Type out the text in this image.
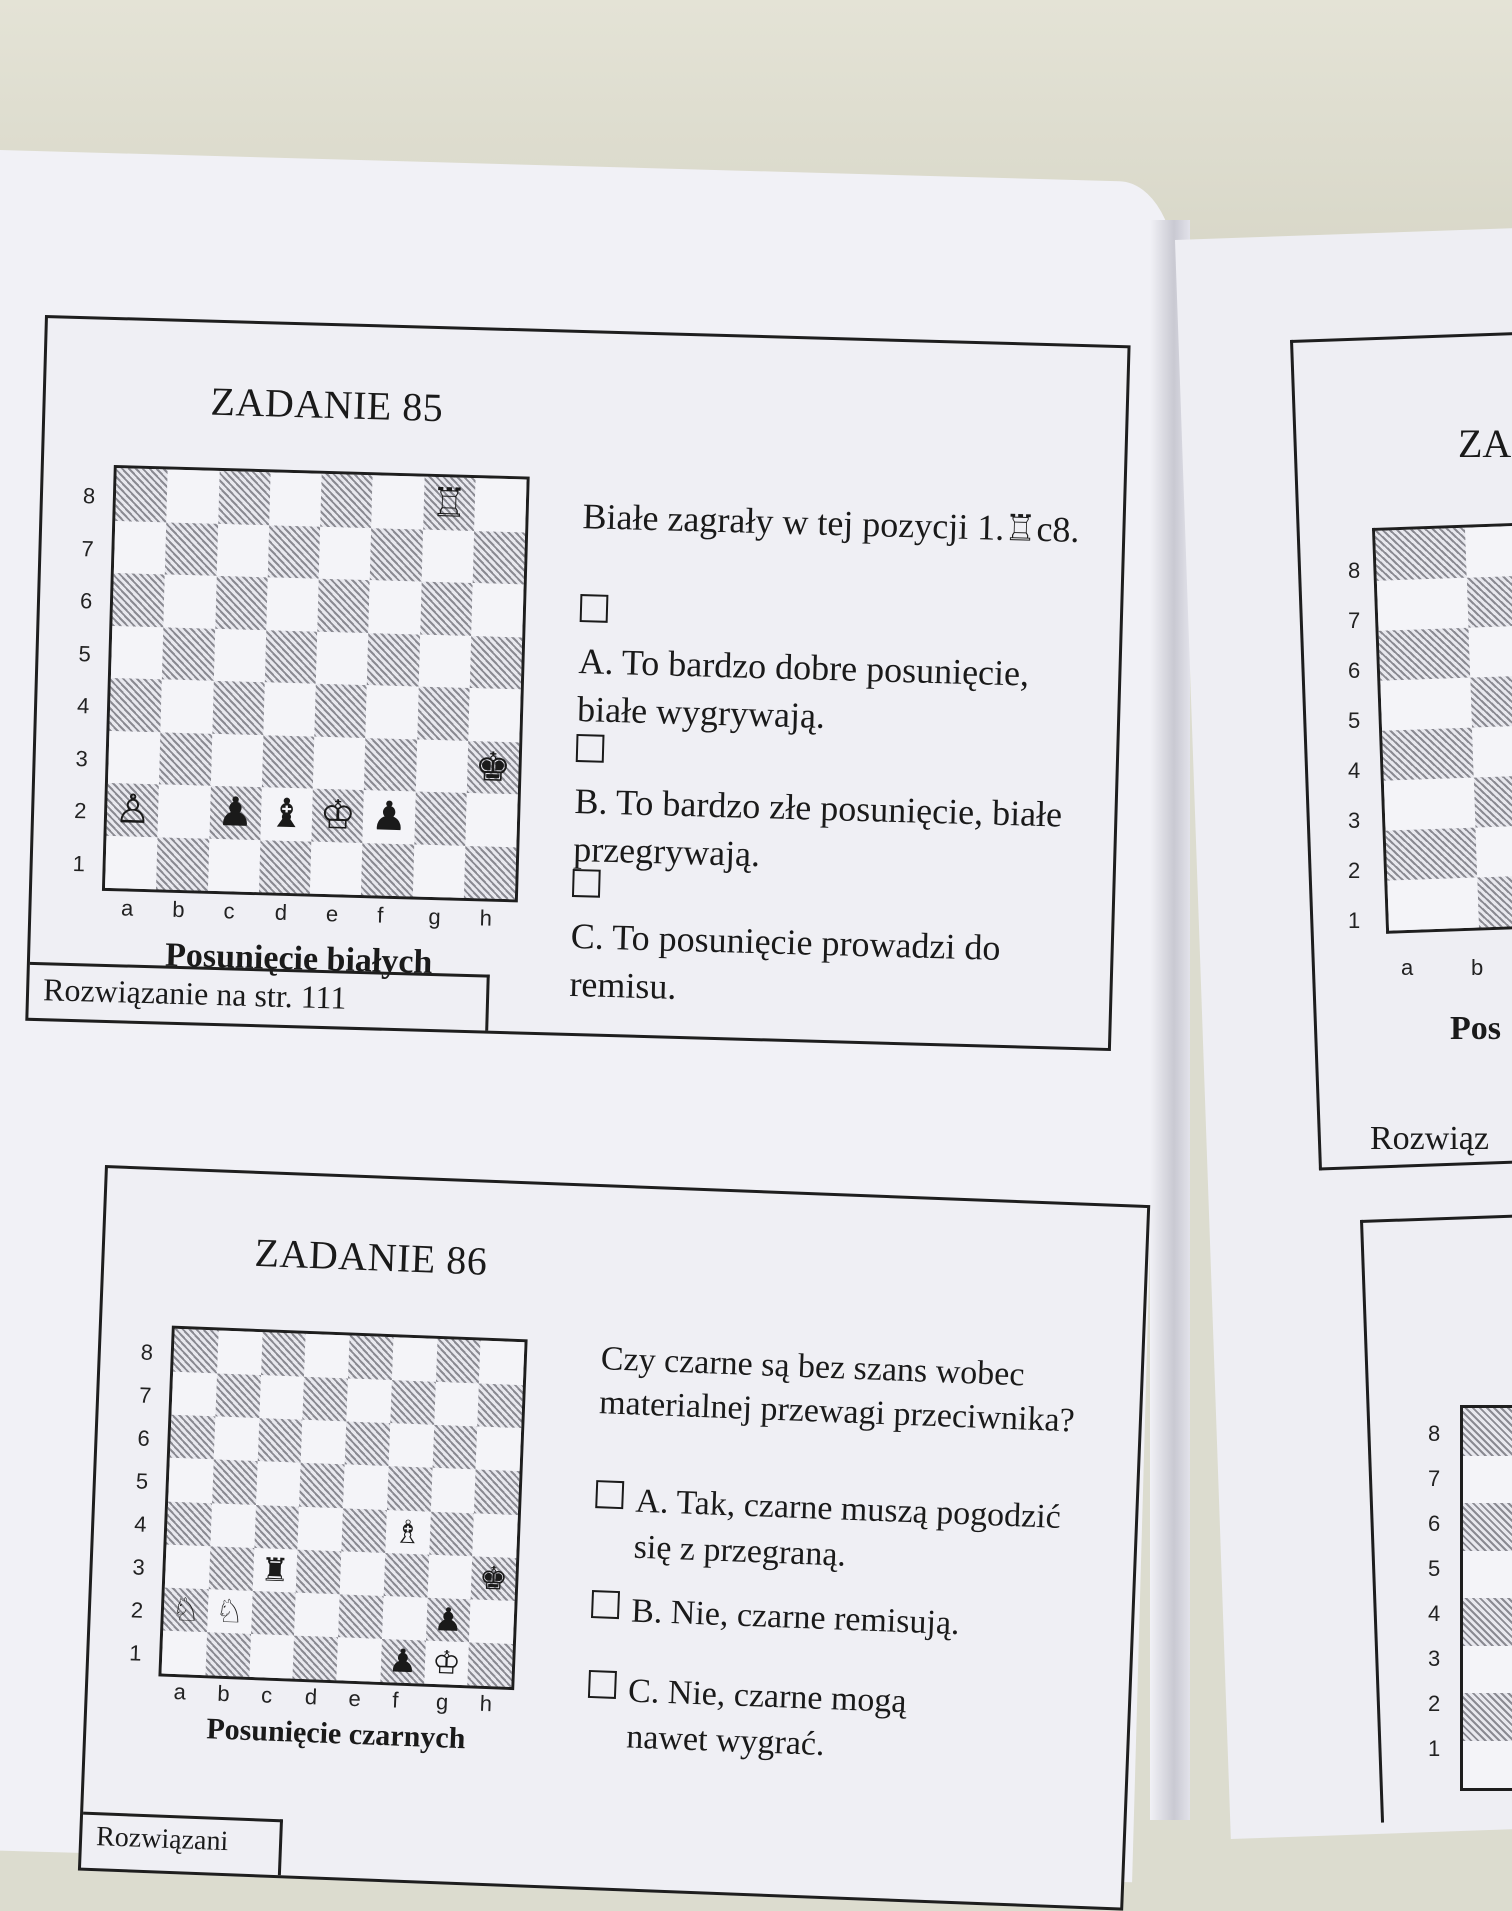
ZADANIE 85
8
7
6
5
4
3
2
1
♖
♚
♙ ♟ ♝ ♔ ♟
a b c d e f g h
Posunięcie białych
Białe zagrały w tej pozycji 1.♖c8.
A. To bardzo dobre posunięcie, białe wygrywają.
B. To bardzo złe posunięcie, białe przegrywają.
C. To posunięcie prowadzi do remisu.
Rozwiązanie na str. 111
ZADANIE 86
8
7
6
5
4
3
2
1
♗
♜	♚
♘ ♘	♟
♟ ♔
a b c d e f g h
Posunięcie czarnych
Czy czarne są bez szans wobec materialnej przewagi przeciwnika?
A. Tak, czarne muszą pogodzić się z przegraną.
B. Nie, czarne remisują.
C. Nie, czarne mogą nawet wygrać.
Rozwiązani
ZA
8
7
6
5
4
3
2
1
a	b
Pos
Rozwiąz
8
7
6
5
4
3
2
1
